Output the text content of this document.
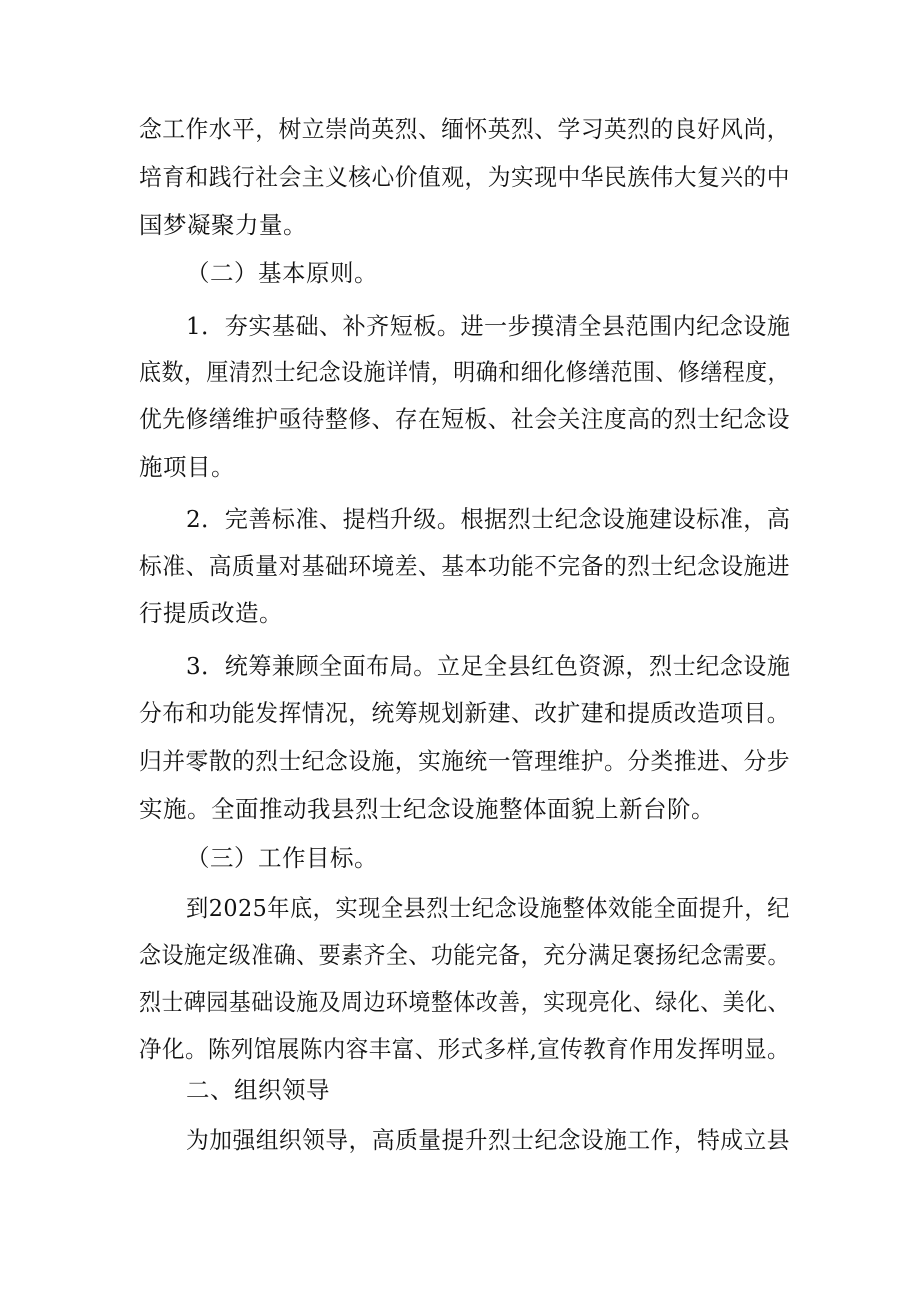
念工作水平，树立崇尚英烈、缅怀英烈、学习英烈的良好风尚，
培育和践行社会主义核心价值观，为实现中华民族伟大复兴的中
国梦凝聚力量。
（二）基本原则。
1．夯实基础、补齐短板。进一步摸清全县范围内纪念设施
底数，厘清烈士纪念设施详情，明确和细化修缮范围、修缮程度，
优先修缮维护亟待整修、存在短板、社会关注度高的烈士纪念设
施项目。
2．完善标准、提档升级。根据烈士纪念设施建设标准，高
标准、高质量对基础环境差、基本功能不完备的烈士纪念设施进
行提质改造。
3．统筹兼顾全面布局。立足全县红色资源，烈士纪念设施
分布和功能发挥情况，统筹规划新建、改扩建和提质改造项目。
归并零散的烈士纪念设施，实施统一管理维护。分类推进、分步
实施。全面推动我县烈士纪念设施整体面貌上新台阶。
（三）工作目标。
到2025年底，实现全县烈士纪念设施整体效能全面提升，纪
念设施定级准确、要素齐全、功能完备，充分满足褒扬纪念需要。
烈士碑园基础设施及周边环境整体改善，实现亮化、绿化、美化、
净化。陈列馆展陈内容丰富、形式多样,宣传教育作用发挥明显。
二、组织领导
为加强组织领导，高质量提升烈士纪念设施工作，特成立县
